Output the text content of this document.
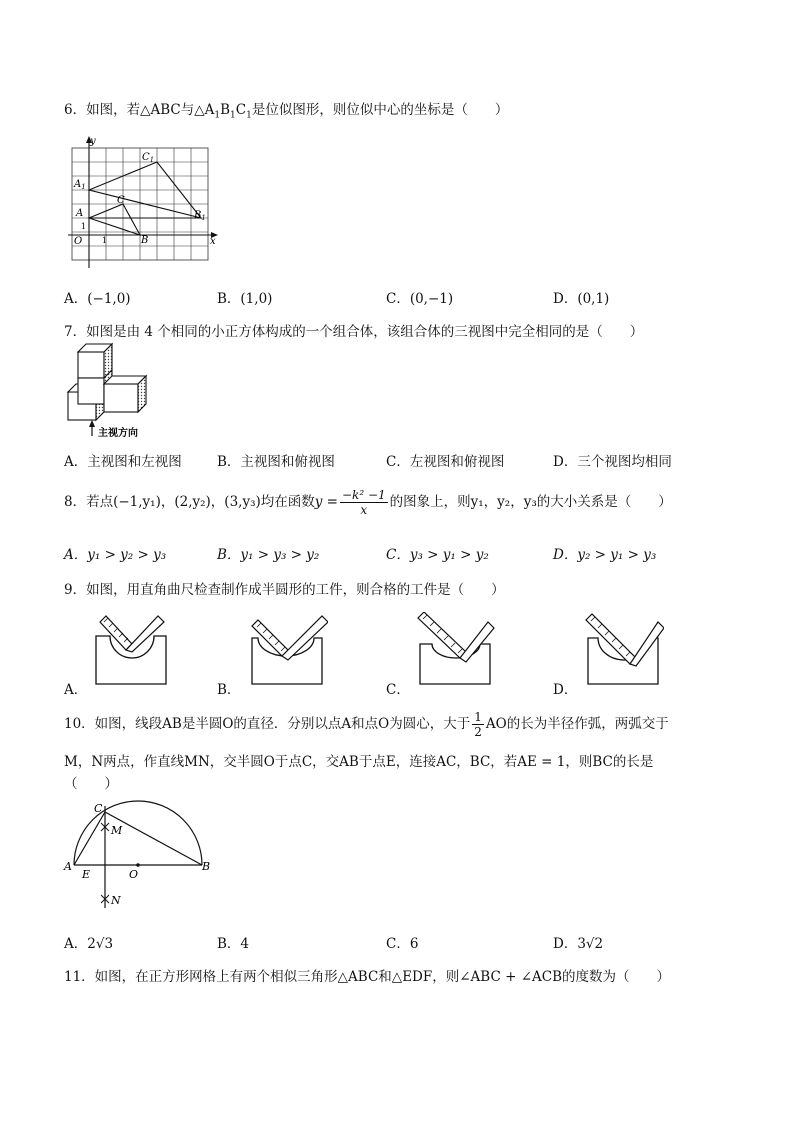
6．如图，若△ABC与$\triangle A_1B_1C_1$是位似图形，则位似中心的坐标是（　　）
y
x
O 1
1
A
B
C
$A_1$
$B_1$
$C_1$
A．(−1,0)	B．(1,0)	C．(0,−1)	D．(0,1)
7．如图是由 4 个相同的小正方体构成的一个组合体，该组合体的三视图中完全相同的是（　　）
主视方向
A．主视图和左视图	B．主视图和俯视图	C．左视图和俯视图	D．三个视图均相同
8．若点(−1,y₁)，(2,y₂)，(3,y₃)均在函数$y = \frac{\text{−k² −1}}{x}$ 的图象上，则y₁，y₂，y₃的大小关系是（　　）
A．y₁ > y₂ > y₃	B．y₁ > y₃ > y₂	C．y₃ > y₁ > y₂	D．y₂ > y₁ > y₃
9．如图，用直角曲尺检查制作成半圆形的工件，则合格的工件是（　　）
A．	B．	C．	D．
10．如图，线段AB是半圆O的直径．分别以点A和点O为圆心，大于 $\frac{1}{2}$ AO的长为半径作弧，两弧交于
M，N两点，作直线MN，交半圆O于点C，交AB于点E，连接AC，BC，若AE = 1，则BC的长是
（　　）
C
M
A
E	O
B
N
A．2√3	B．4	C．6	D．3√2
11．如图，在正方形网格上有两个相似三角形△ABC和△EDF，则∠ABC + ∠ACB的度数为（　　）
